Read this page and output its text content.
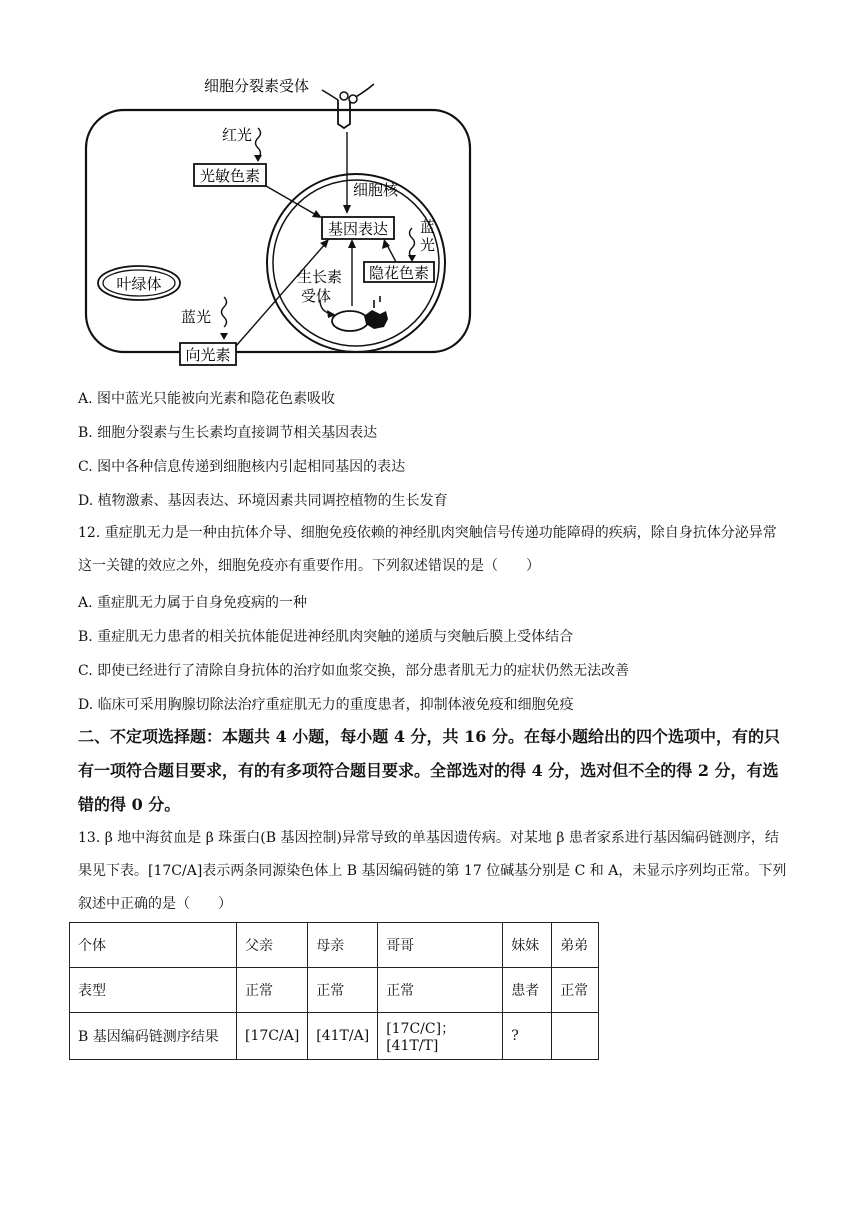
细胞分裂素受体
细胞核
红光
光敏色素
基因表达 蓝
光
隐花色素
生长素
受体
叶绿体
蓝光
向光素
A. 图中蓝光只能被向光素和隐花色素吸收
B. 细胞分裂素与生长素均直接调节相关基因表达
C. 图中各种信息传递到细胞核内引起相同基因的表达
D. 植物激素、基因表达、环境因素共同调控植物的生长发育
12. 重症肌无力是一种由抗体介导、细胞免疫依赖的神经肌肉突触信号传递功能障碍的疾病，除自身抗体分泌异常这一关键的效应之外，细胞免疫亦有重要作用。下列叙述错误的是（　　）
A. 重症肌无力属于自身免疫病的一种
B. 重症肌无力患者的相关抗体能促进神经肌肉突触的递质与突触后膜上受体结合
C. 即使已经进行了清除自身抗体的治疗如血浆交换，部分患者肌无力的症状仍然无法改善
D. 临床可采用胸腺切除法治疗重症肌无力的重度患者，抑制体液免疫和细胞免疫
二、不定项选择题：本题共 4 小题，每小题 4 分，共 16 分。在每小题给出的四个选项中，有的只有一项符合题目要求，有的有多项符合题目要求。全部选对的得 4 分，选对但不全的得 2 分，有选错的得 0 分。
13. β 地中海贫血是 β 珠蛋白(B 基因控制)异常导致的单基因遗传病。对某地 β 患者家系进行基因编码链测序，结果见下表。[17C/A]表示两条同源染色体上 B 基因编码链的第 17 位碱基分别是 C 和 A，未显示序列均正常。下列叙述中正确的是（　　）
个体	父亲	母亲	哥哥	妹妹	弟弟
表型	正常	正常	正常	患者	正常
B 基因编码链测序结果	[17C/A]	[41T/A]	[17C/C]；[41T/T]	?	
